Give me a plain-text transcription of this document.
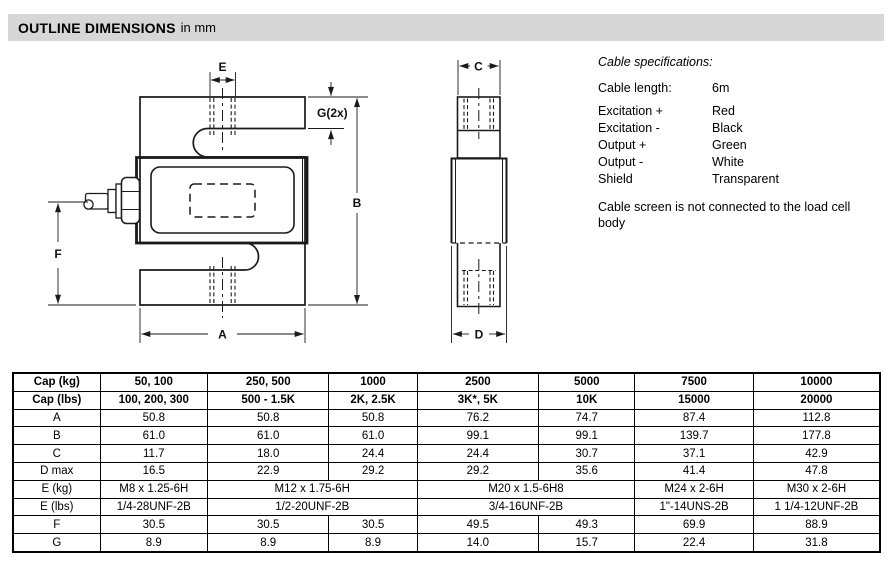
OUTLINE DIMENSIONS in mm
E
G(2x)
B
A
F
C
D
Cable specifications:
Cable length:	6m
Excitation +	Red
Excitation -	Black
Output +	Green
Output -	White
Shield	Transparent
Cable screen is not connected to the load cell body
Cap (kg)	50, 100	250, 500	1000	2500	5000	7500	10000
Cap (lbs)	100, 200, 300	500 - 1.5K	2K, 2.5K	3K*, 5K	10K	15000	20000
A	50.8	50.8	50.8	76.2	74.7	87.4	112.8
B	61.0	61.0	61.0	99.1	99.1	139.7	177.8
C	11.7	18.0	24.4	24.4	30.7	37.1	42.9
D max	16.5	22.9	29.2	29.2	35.6	41.4	47.8
E (kg)	M8 x 1.25-6H	M12 x 1.75-6H		M20 x 1.5-6H8		M24 x 2-6H	M30 x 2-6H
E (lbs)	1/4-28UNF-2B	1/2-20UNF-2B		3/4-16UNF-2B		1"-14UNS-2B	1 1/4-12UNF-2B
F	30.5	30.5	30.5	49.5	49.3	69.9	88.9
G	8.9	8.9	8.9	14.0	15.7	22.4	31.8
